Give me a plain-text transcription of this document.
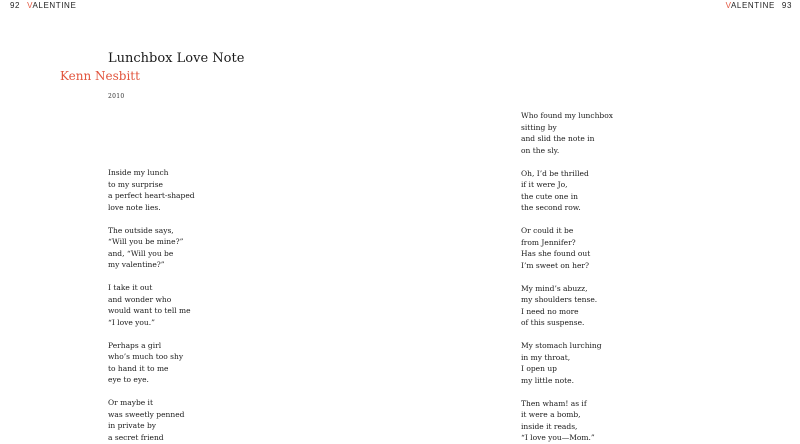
92 VALENTINE	VALENTINE 93
Lunchbox Love Note
Kenn Nesbitt
2010
Inside my lunch
to my surprise
a perfect heart-shaped
love note lies.
The outside says,
“Will you be mine?”
and, “Will you be
my valentine?”
I take it out
and wonder who
would want to tell me
“I love you.”
Perhaps a girl
who’s much too shy
to hand it to me
eye to eye.
Or maybe it
was sweetly penned
in private by
a secret friend
Who found my lunchbox
sitting by
and slid the note in
on the sly.
Oh, I’d be thrilled
if it were Jo,
the cute one in
the second row.
Or could it be
from Jennifer?
Has she found out
I’m sweet on her?
My mind’s abuzz,
my shoulders tense.
I need no more
of this suspense.
My stomach lurching
in my throat,
I open up
my little note.
Then wham! as if
it were a bomb,
inside it reads,
“I love you—Mom.”
